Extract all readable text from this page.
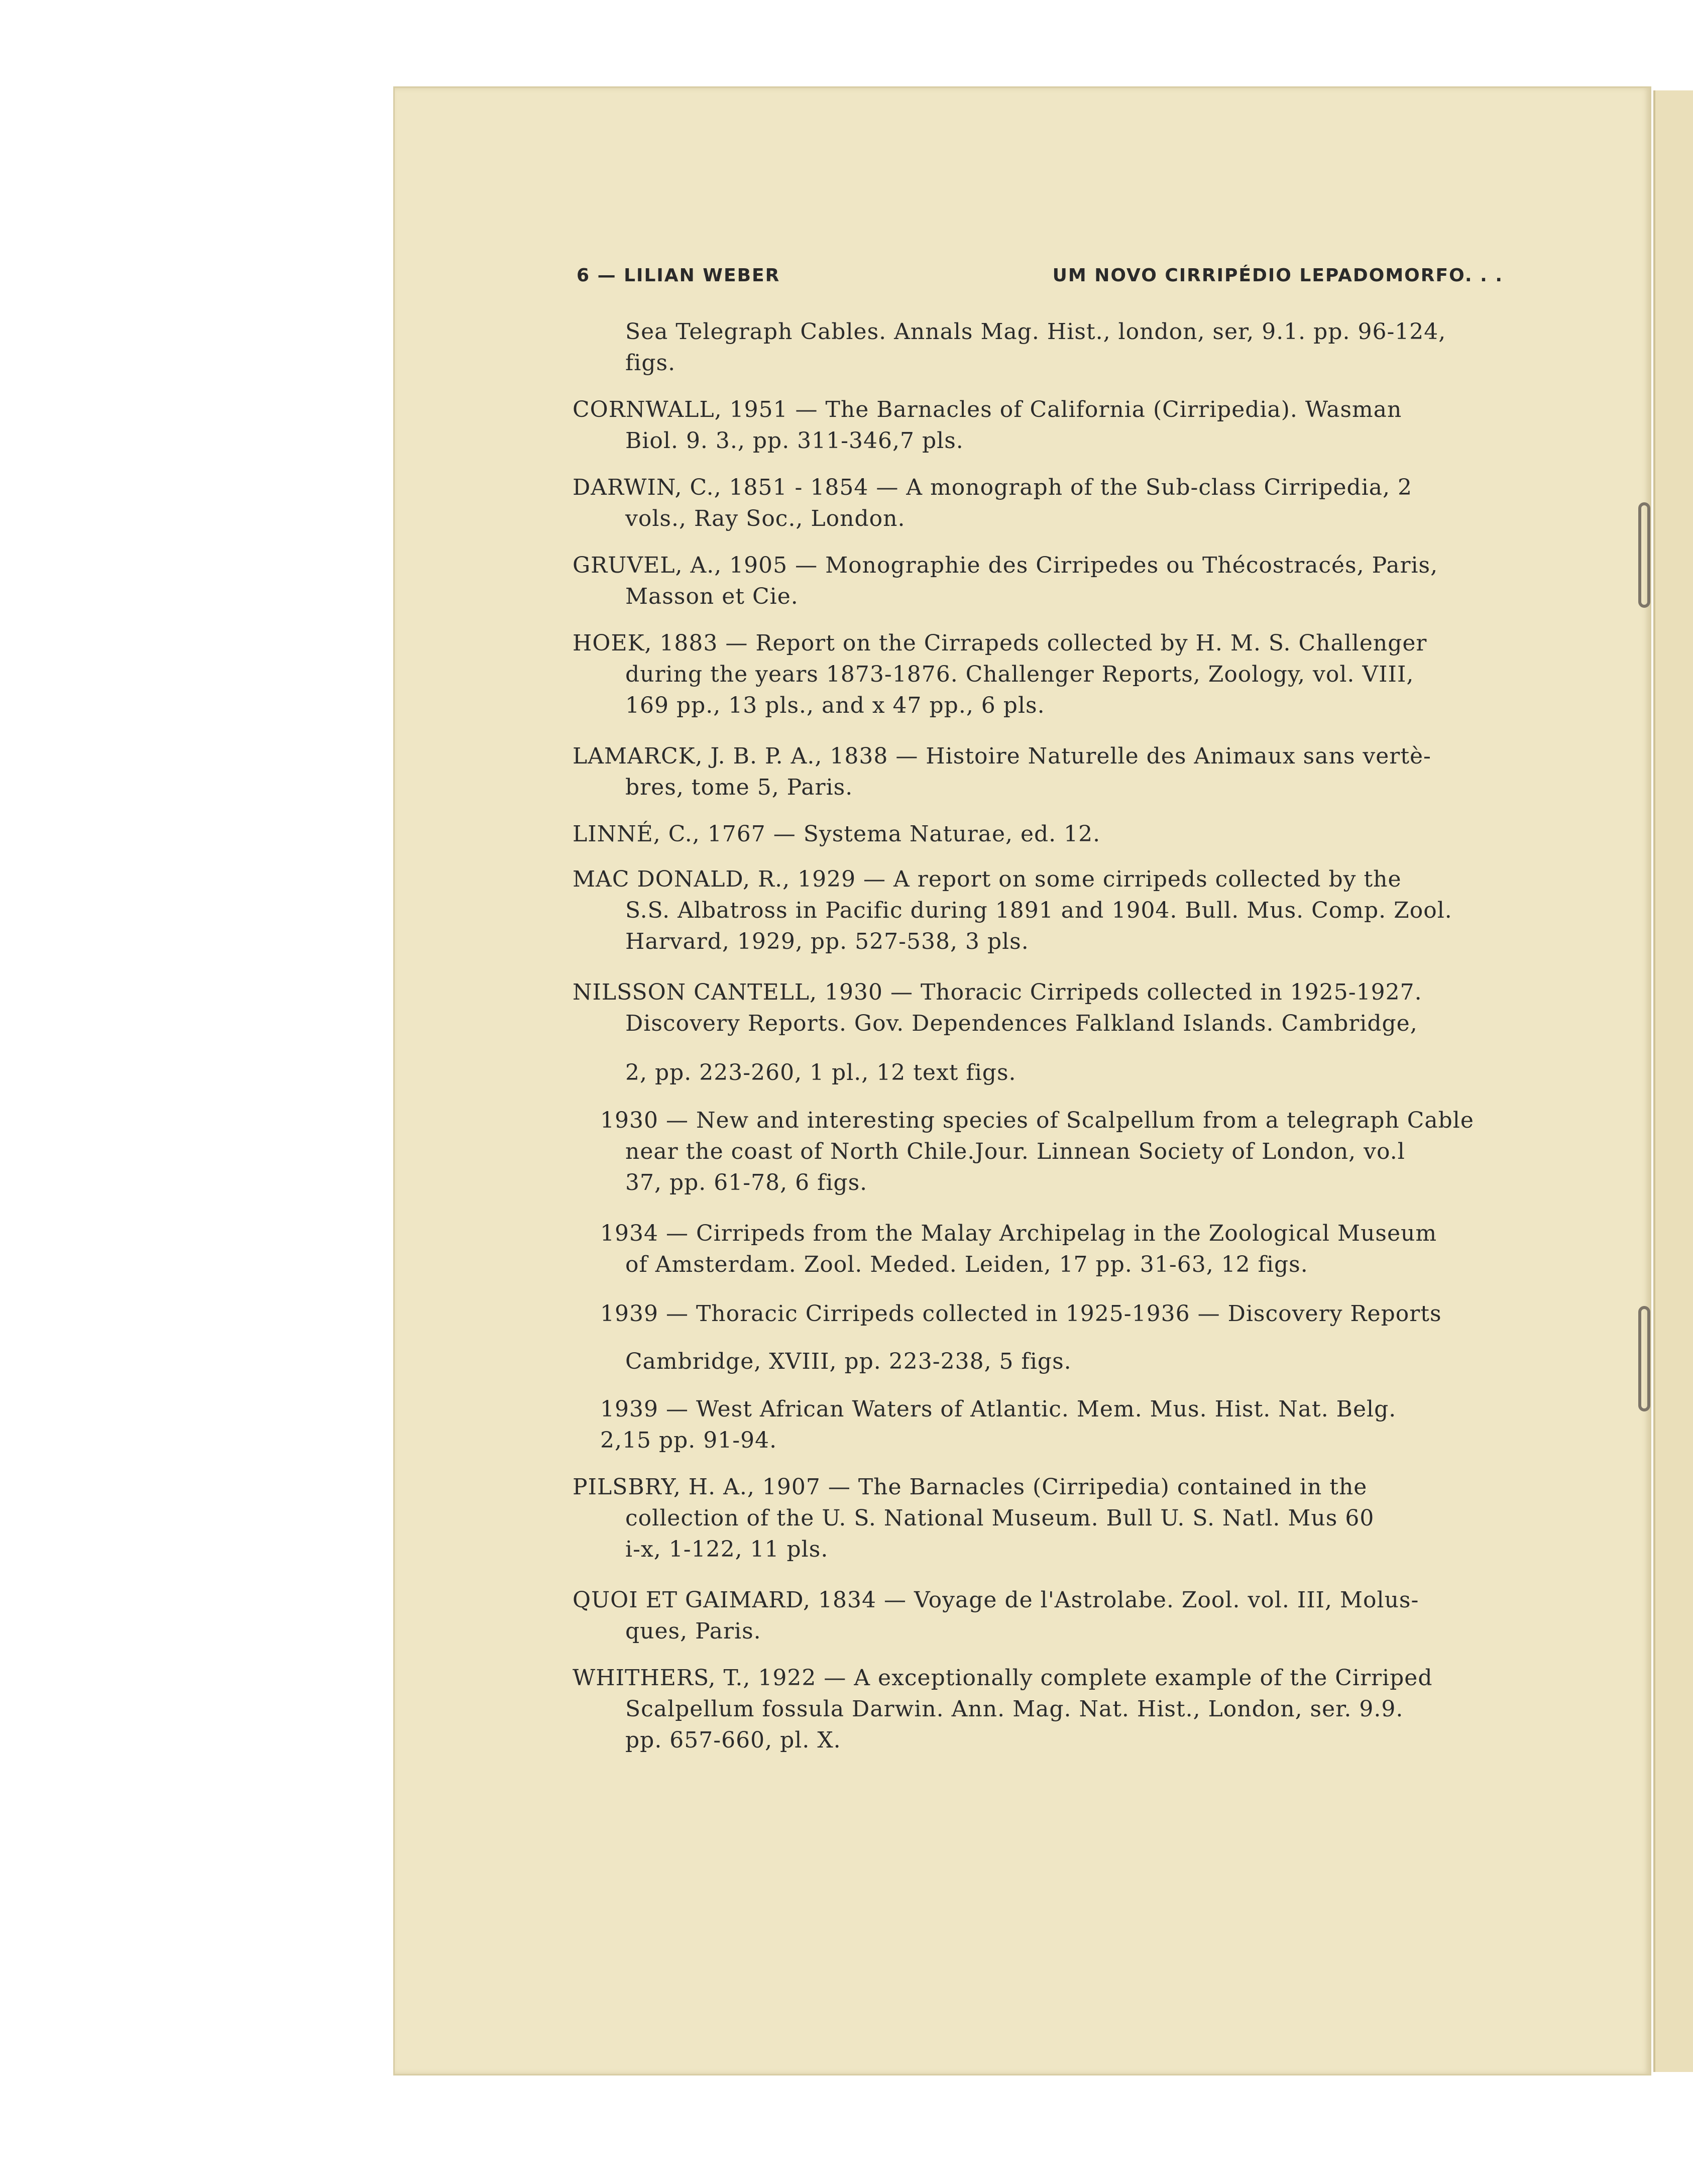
6 — LILIAN WEBER	UM NOVO CIRRIPÉDIO LEPADOMORFO. . .
Sea Telegraph Cables. Annals Mag. Hist., london, ser, 9.1. pp. 96-124,
figs.
CORNWALL, 1951 — The Barnacles of California (Cirripedia). Wasman
Biol. 9. 3., pp. 311-346,7 pls.
DARWIN, C., 1851 - 1854 — A monograph of the Sub-class Cirripedia, 2
vols., Ray Soc., London.
GRUVEL, A., 1905 — Monographie des Cirripedes ou Thécostracés, Paris,
Masson et Cie.
HOEK, 1883 — Report on the Cirrapeds collected by H. M. S. Challenger
during the years 1873-1876. Challenger Reports, Zoology, vol. VIII,
169 pp., 13 pls., and x 47 pp., 6 pls.
LAMARCK, J. B. P. A., 1838 — Histoire Naturelle des Animaux sans vertè-
bres, tome 5, Paris.
LINNÉ, C., 1767 — Systema Naturae, ed. 12.
MAC DONALD, R., 1929 — A report on some cirripeds collected by the
S.S. Albatross in Pacific during 1891 and 1904. Bull. Mus. Comp. Zool.
Harvard, 1929, pp. 527-538, 3 pls.
NILSSON CANTELL, 1930 — Thoracic Cirripeds collected in 1925-1927.
Discovery Reports. Gov. Dependences Falkland Islands. Cambridge,
2, pp. 223-260, 1 pl., 12 text figs.
1930 — New and interesting species of Scalpellum from a telegraph Cable
near the coast of North Chile.Jour. Linnean Society of London, vo.l
37, pp. 61-78, 6 figs.
1934 — Cirripeds from the Malay Archipelag in the Zoological Museum
of Amsterdam. Zool. Meded. Leiden, 17 pp. 31-63, 12 figs.
1939 — Thoracic Cirripeds collected in 1925-1936 — Discovery Reports
Cambridge, XVIII, pp. 223-238, 5 figs.
1939 — West African Waters of Atlantic. Mem. Mus. Hist. Nat. Belg.
2,15 pp. 91-94.
PILSBRY, H. A., 1907 — The Barnacles (Cirripedia) contained in the
collection of the U. S. National Museum. Bull U. S. Natl. Mus 60
i-x, 1-122, 11 pls.
QUOI ET GAIMARD, 1834 — Voyage de l'Astrolabe. Zool. vol. III, Molus-
ques, Paris.
WHITHERS, T., 1922 — A exceptionally complete example of the Cirriped
Scalpellum fossula Darwin. Ann. Mag. Nat. Hist., London, ser. 9.9.
pp. 657-660, pl. X.
